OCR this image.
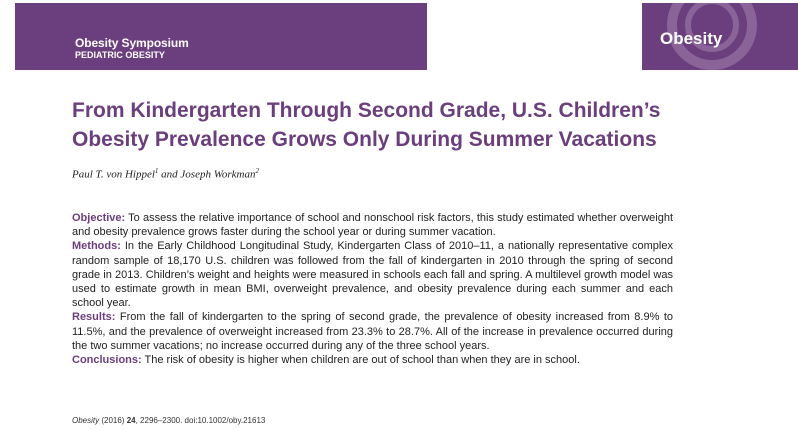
Obesity Symposium
PEDIATRIC OBESITY
Obesity
From Kindergarten Through Second Grade, U.S. Children’s
Obesity Prevalence Grows Only During Summer Vacations
Paul T. von Hippel$^1$ and Joseph Workman$^2$

Objective: To assess the relative importance of school and nonschool risk factors, this study estimated whether overweight and obesity prevalence grows faster during the school year or during summer vacation.

Methods: In the Early Childhood Longitudinal Study, Kindergarten Class of 2010–11, a nationally representative complex random sample of 18,170 U.S. children was followed from the fall of kindergarten in 2010 through the spring of second grade in 2013. Children’s weight and heights were measured in schools each fall and spring. A multilevel growth model was used to estimate growth in mean BMI, overweight prevalence, and obesity prevalence during each summer and each school year.

Results: From the fall of kindergarten to the spring of second grade, the prevalence of obesity increased from 8.9% to 11.5%, and the prevalence of overweight increased from 23.3% to 28.7%. All of the increase in prevalence occurred during the two summer vacations; no increase occurred during any of the three school years.

Conclusions: The risk of obesity is higher when children are out of school than when they are in school.

Obesity (2016) 24, 2296–2300. doi:10.1002/oby.21613
